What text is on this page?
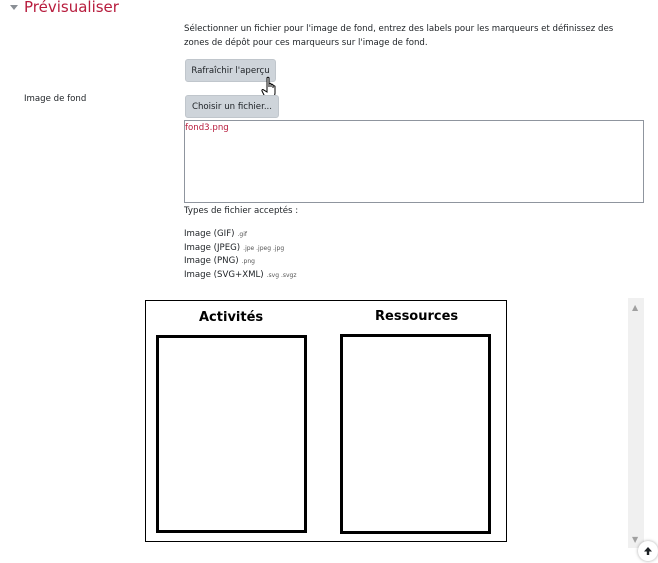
Prévisualiser
Sélectionner un fichier pour l'image de fond, entrez des labels pour les marqueurs et définissez des zones de dépôt pour ces marqueurs sur l'image de fond.
Rafraîchir l'aperçu
Image de fond
Choisir un fichier...
fond3.png
Types de fichier acceptés :
Image (GIF) .gif
Image (JPEG) .jpe .jpeg .jpg
Image (PNG) .png
Image (SVG+XML) .svg .svgz
Activités	Ressources
▲
▼
